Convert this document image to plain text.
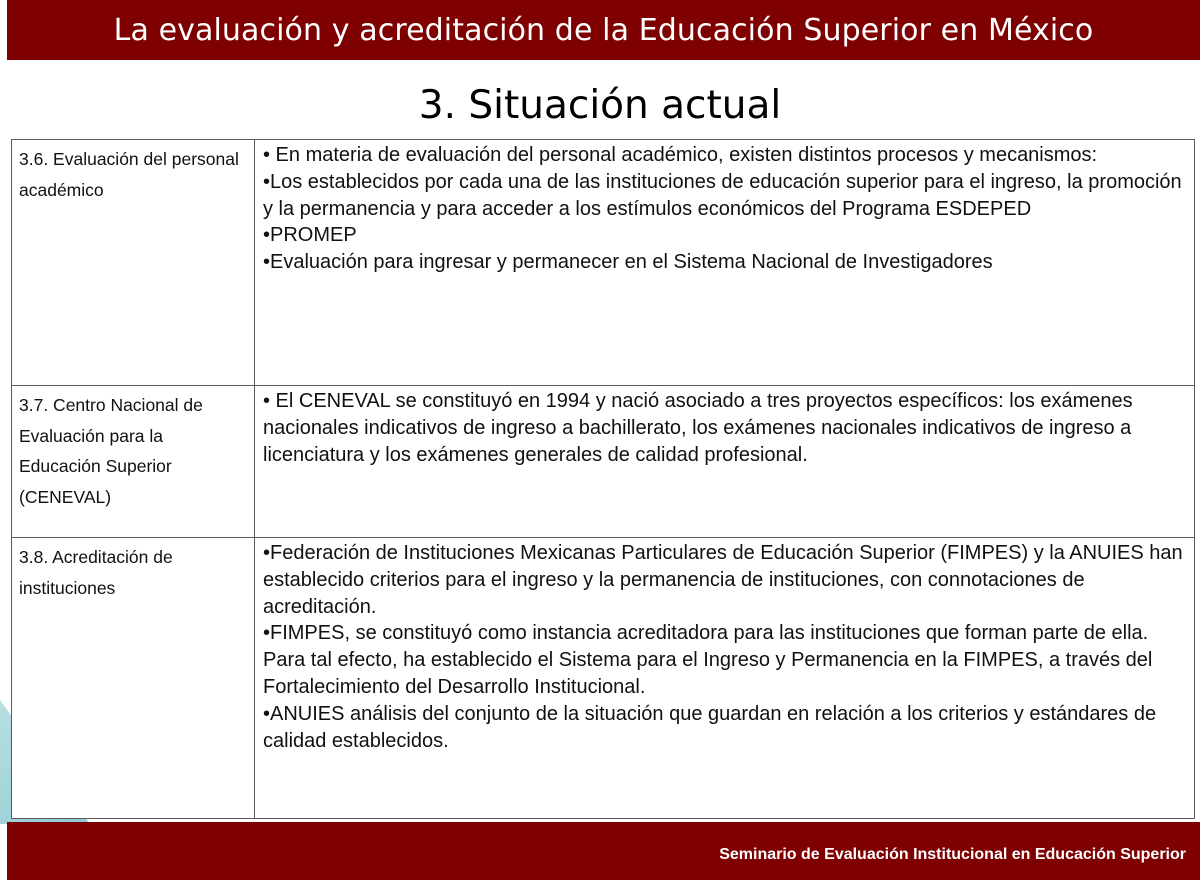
La evaluación y acreditación de la Educación Superior en México
3. Situación actual
3.6. Evaluación del personal académico	• En materia de evaluación del personal académico, existen distintos procesos y mecanismos:
•Los establecidos por cada una de las instituciones de educación superior para el ingreso, la promoción y la permanencia y para acceder a los estímulos económicos del Programa ESDEPED
•PROMEP
•Evaluación para ingresar y permanecer en el Sistema Nacional de Investigadores

3.7. Centro Nacional de Evaluación para la Educación Superior (CENEVAL)	• El CENEVAL se constituyó en 1994 y nació asociado a tres proyectos específicos: los exámenes nacionales indicativos de ingreso a bachillerato, los exámenes nacionales indicativos de ingreso a licenciatura y los exámenes generales de calidad profesional.

3.8. Acreditación de instituciones	•Federación de Instituciones Mexicanas Particulares de Educación Superior (FIMPES) y la ANUIES han establecido criterios para el ingreso y la permanencia de instituciones, con connotaciones de acreditación.
•FIMPES, se constituyó como instancia acreditadora para las instituciones que forman parte de ella. Para tal efecto, ha establecido el Sistema para el Ingreso y Permanencia en la FIMPES, a través del Fortalecimiento del Desarrollo Institucional.
•ANUIES análisis del conjunto de la situación que guardan en relación a los criterios y estándares de calidad establecidos.
Seminario de Evaluación Institucional en Educación Superior
